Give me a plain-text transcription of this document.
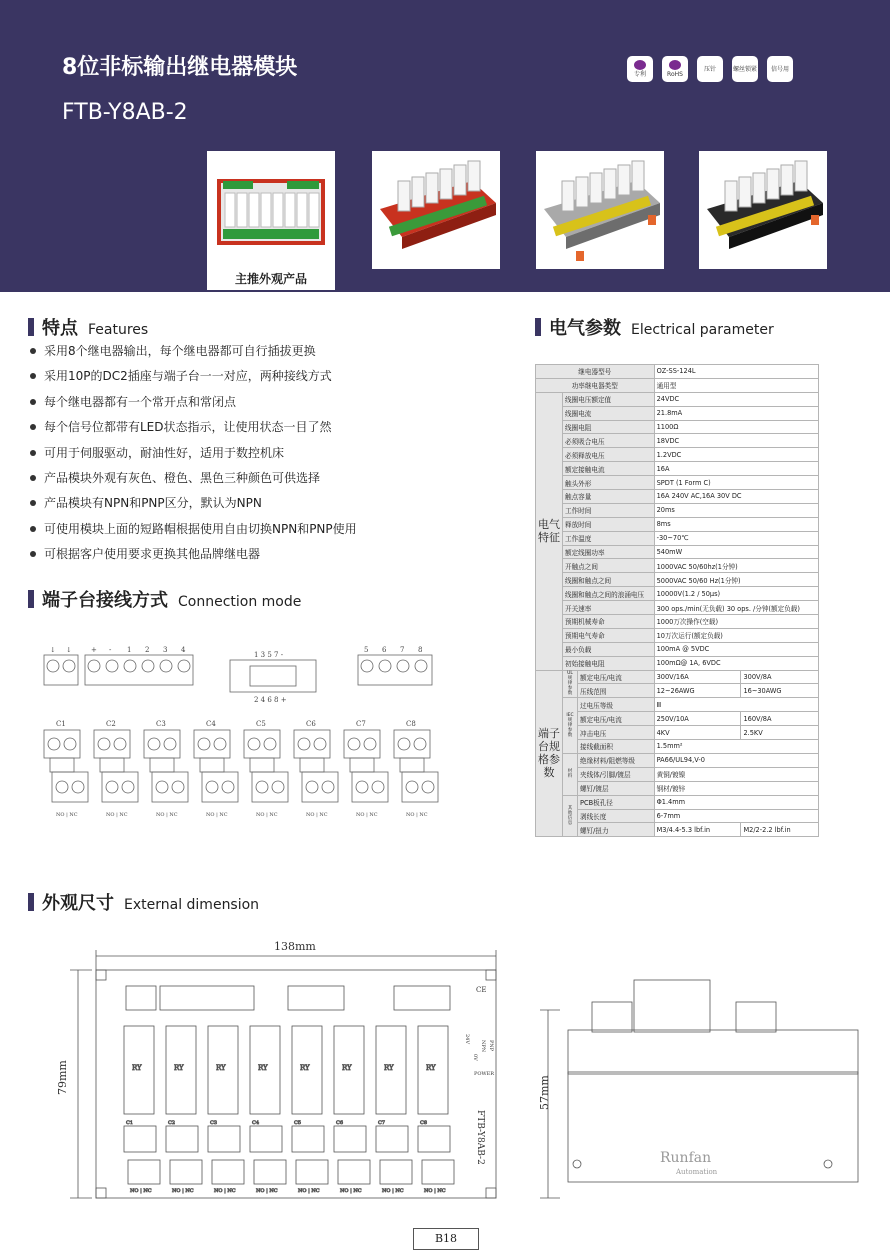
8位非标输出继电器模块
FTB-Y8AB-2
专利	RoHS
压针	螺丝锁紧 信号用
主推外观产品
特点 Features
采用8个继电器输出，每个继电器都可自行插拔更换
采用10P的DC2插座与端子台一一对应，两种接线方式
每个继电器都有一个常开点和常闭点
每个信号位都带有LED状态指示，让使用状态一目了然
可用于伺服驱动，耐油性好，适用于数控机床
产品模块外观有灰色、橙色、黑色三种颜色可供选择
产品模块有NPN和PNP区分，默认为NPN
可使用模块上面的短路帽根据使用自由切换NPN和PNP使用
可根据客户使用要求更换其他品牌继电器
电气参数 Electrical parameter
继电器型号			OZ-SS-124L	
功率继电器类型			通用型	
电气特征	线圈电压额定值		24VDC	
	线圈电流		21.8mA	
	线圈电阻		1100Ω	
	必须吸合电压		18VDC	
	必须释放电压		1.2VDC	
	额定接触电流		16A	
	触头外形		SPDT (1 Form C)	
	触点容量		16A 240V AC,16A 30V DC	
	工作时间		20ms	
	释放时间		8ms	
	工作温度		-30~70℃	
	额定线圈功率		540mW	
	开触点之间		1000VAC 50/60hz(1分钟)	
	线圈和触点之间		5000VAC 50/60 Hz(1分钟)	
	线圈和触点之间的浪涌电压		10000V(1.2 / 50μs)	
	开关速率		300 ops./min(无负载) 30 ops. /分钟(额定负载)	
	预期机械寿命		1000万次操作(空载)	
	预期电气寿命		10万次运行(额定负载)	
	最小负载		100mA @ 5VDC	
	初始接触电阻		100mΩ@ 1A, 6VDC	
端子台规格参数	UL 规 律 参 数	额定电压/电流	300V/16A	300V/8A
		压线范围	12~26AWG	16~30AWG
	IEC 规 律 参 数	过电压等级	Ⅲ	
		额定电压/电流	250V/10A	160V/8A
		冲击电压	4KV	2.5KV
		接线截面积	1.5mm²	
	材 料	绝缘材料/阻燃等级	PA66/UL94,V-0	
		夹线体/引脚/镀层	黄铜/镀镍	
		螺钉/镀层	钢材/镀锌	
	其 他 信 息	PCB板孔径	Φ1.4mm	
		剥线长度	6-7mm	
		螺钉/扭力	M3/4.4-5.3 lbf.in	M2/2-2.2 lbf.in
端子台接线方式 Connection mode
↓ ↓	+ - 1 2 3 4
1 3 5 7 -
2 4 6 8 +
5 6 7 8
C1
NO | NC
C2
NO | NC
C3
NO | NC
C4
NO | NC
C5
NO | NC
C6
NO | NC
C7
NO | NC
C8
NO | NC
外观尺寸 External dimension
RY
C1
NO | NC
RY
C2
NO | NC
RY
C3
NO | NC
RY
C4
NO | NC
RY
C5
NO | NC
RY
C6
NO | NC
RY
C7
NO | NC
RY
C8
NO | NC
138mm
79mm	57mm
CE
POWER
NPN PNP
24V
0V
FTB-Y8AB-2	Runfan
Automation
B18
